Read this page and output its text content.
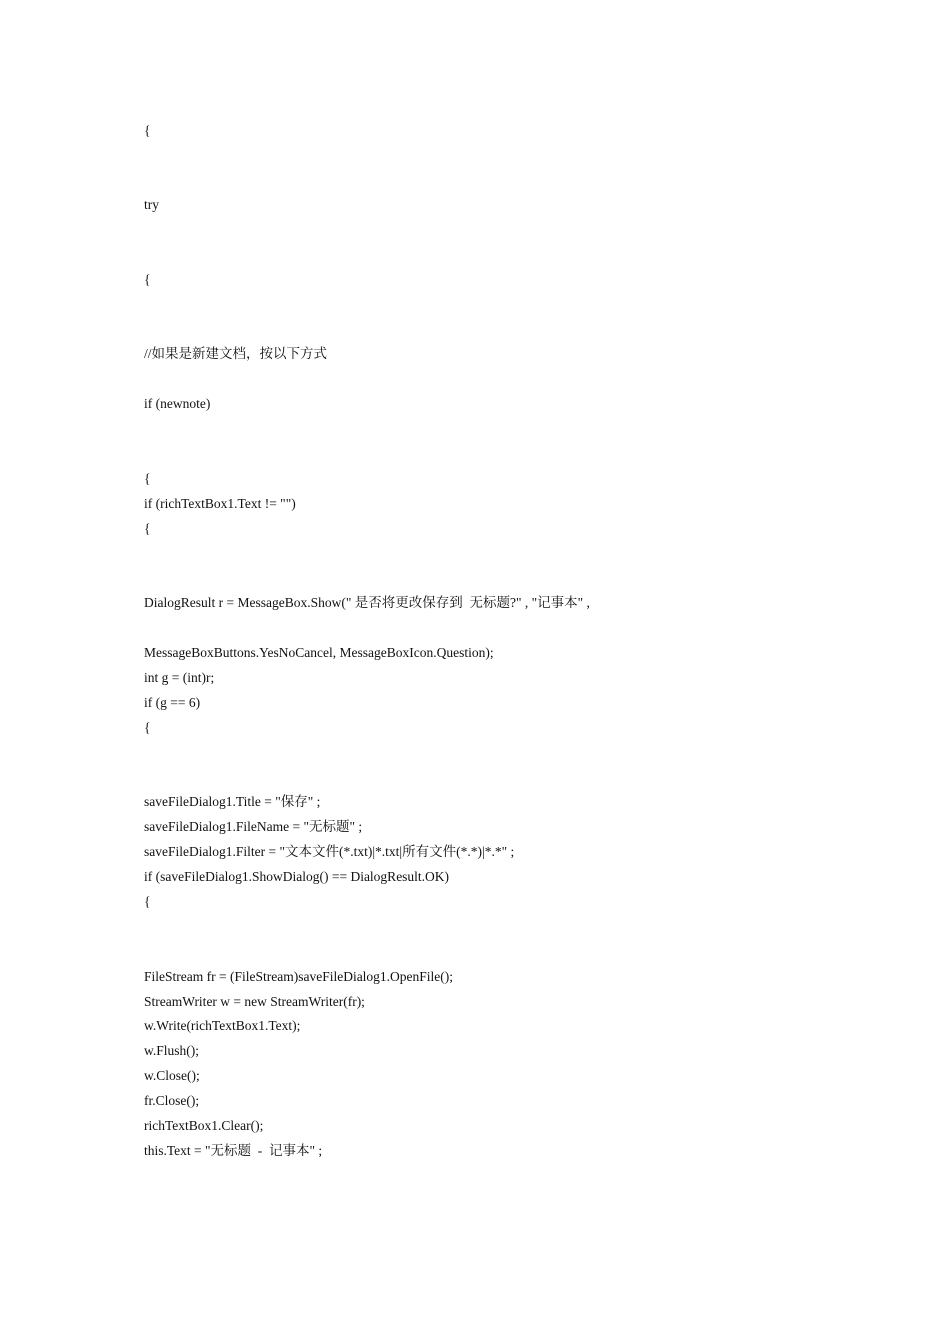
{
try
{
//如果是新建文档，按以下方式
if (newnote)
{
if (richTextBox1.Text != "")
{
DialogResult r = MessageBox.Show(" 是否将更改保存到  无标题?" , "记事本" ,
MessageBoxButtons.YesNoCancel, MessageBoxIcon.Question);
int g = (int)r;
if (g == 6)
{
saveFileDialog1.Title = "保存" ;
saveFileDialog1.FileName = "无标题" ;
saveFileDialog1.Filter = "文本文件(*.txt)|*.txt|所有文件(*.*)|*.*" ;
if (saveFileDialog1.ShowDialog() == DialogResult.OK)
{
FileStream fr = (FileStream)saveFileDialog1.OpenFile();
StreamWriter w = new StreamWriter(fr);
w.Write(richTextBox1.Text);
w.Flush();
w.Close();
fr.Close();
richTextBox1.Clear();
this.Text = "无标题  -  记事本" ;
